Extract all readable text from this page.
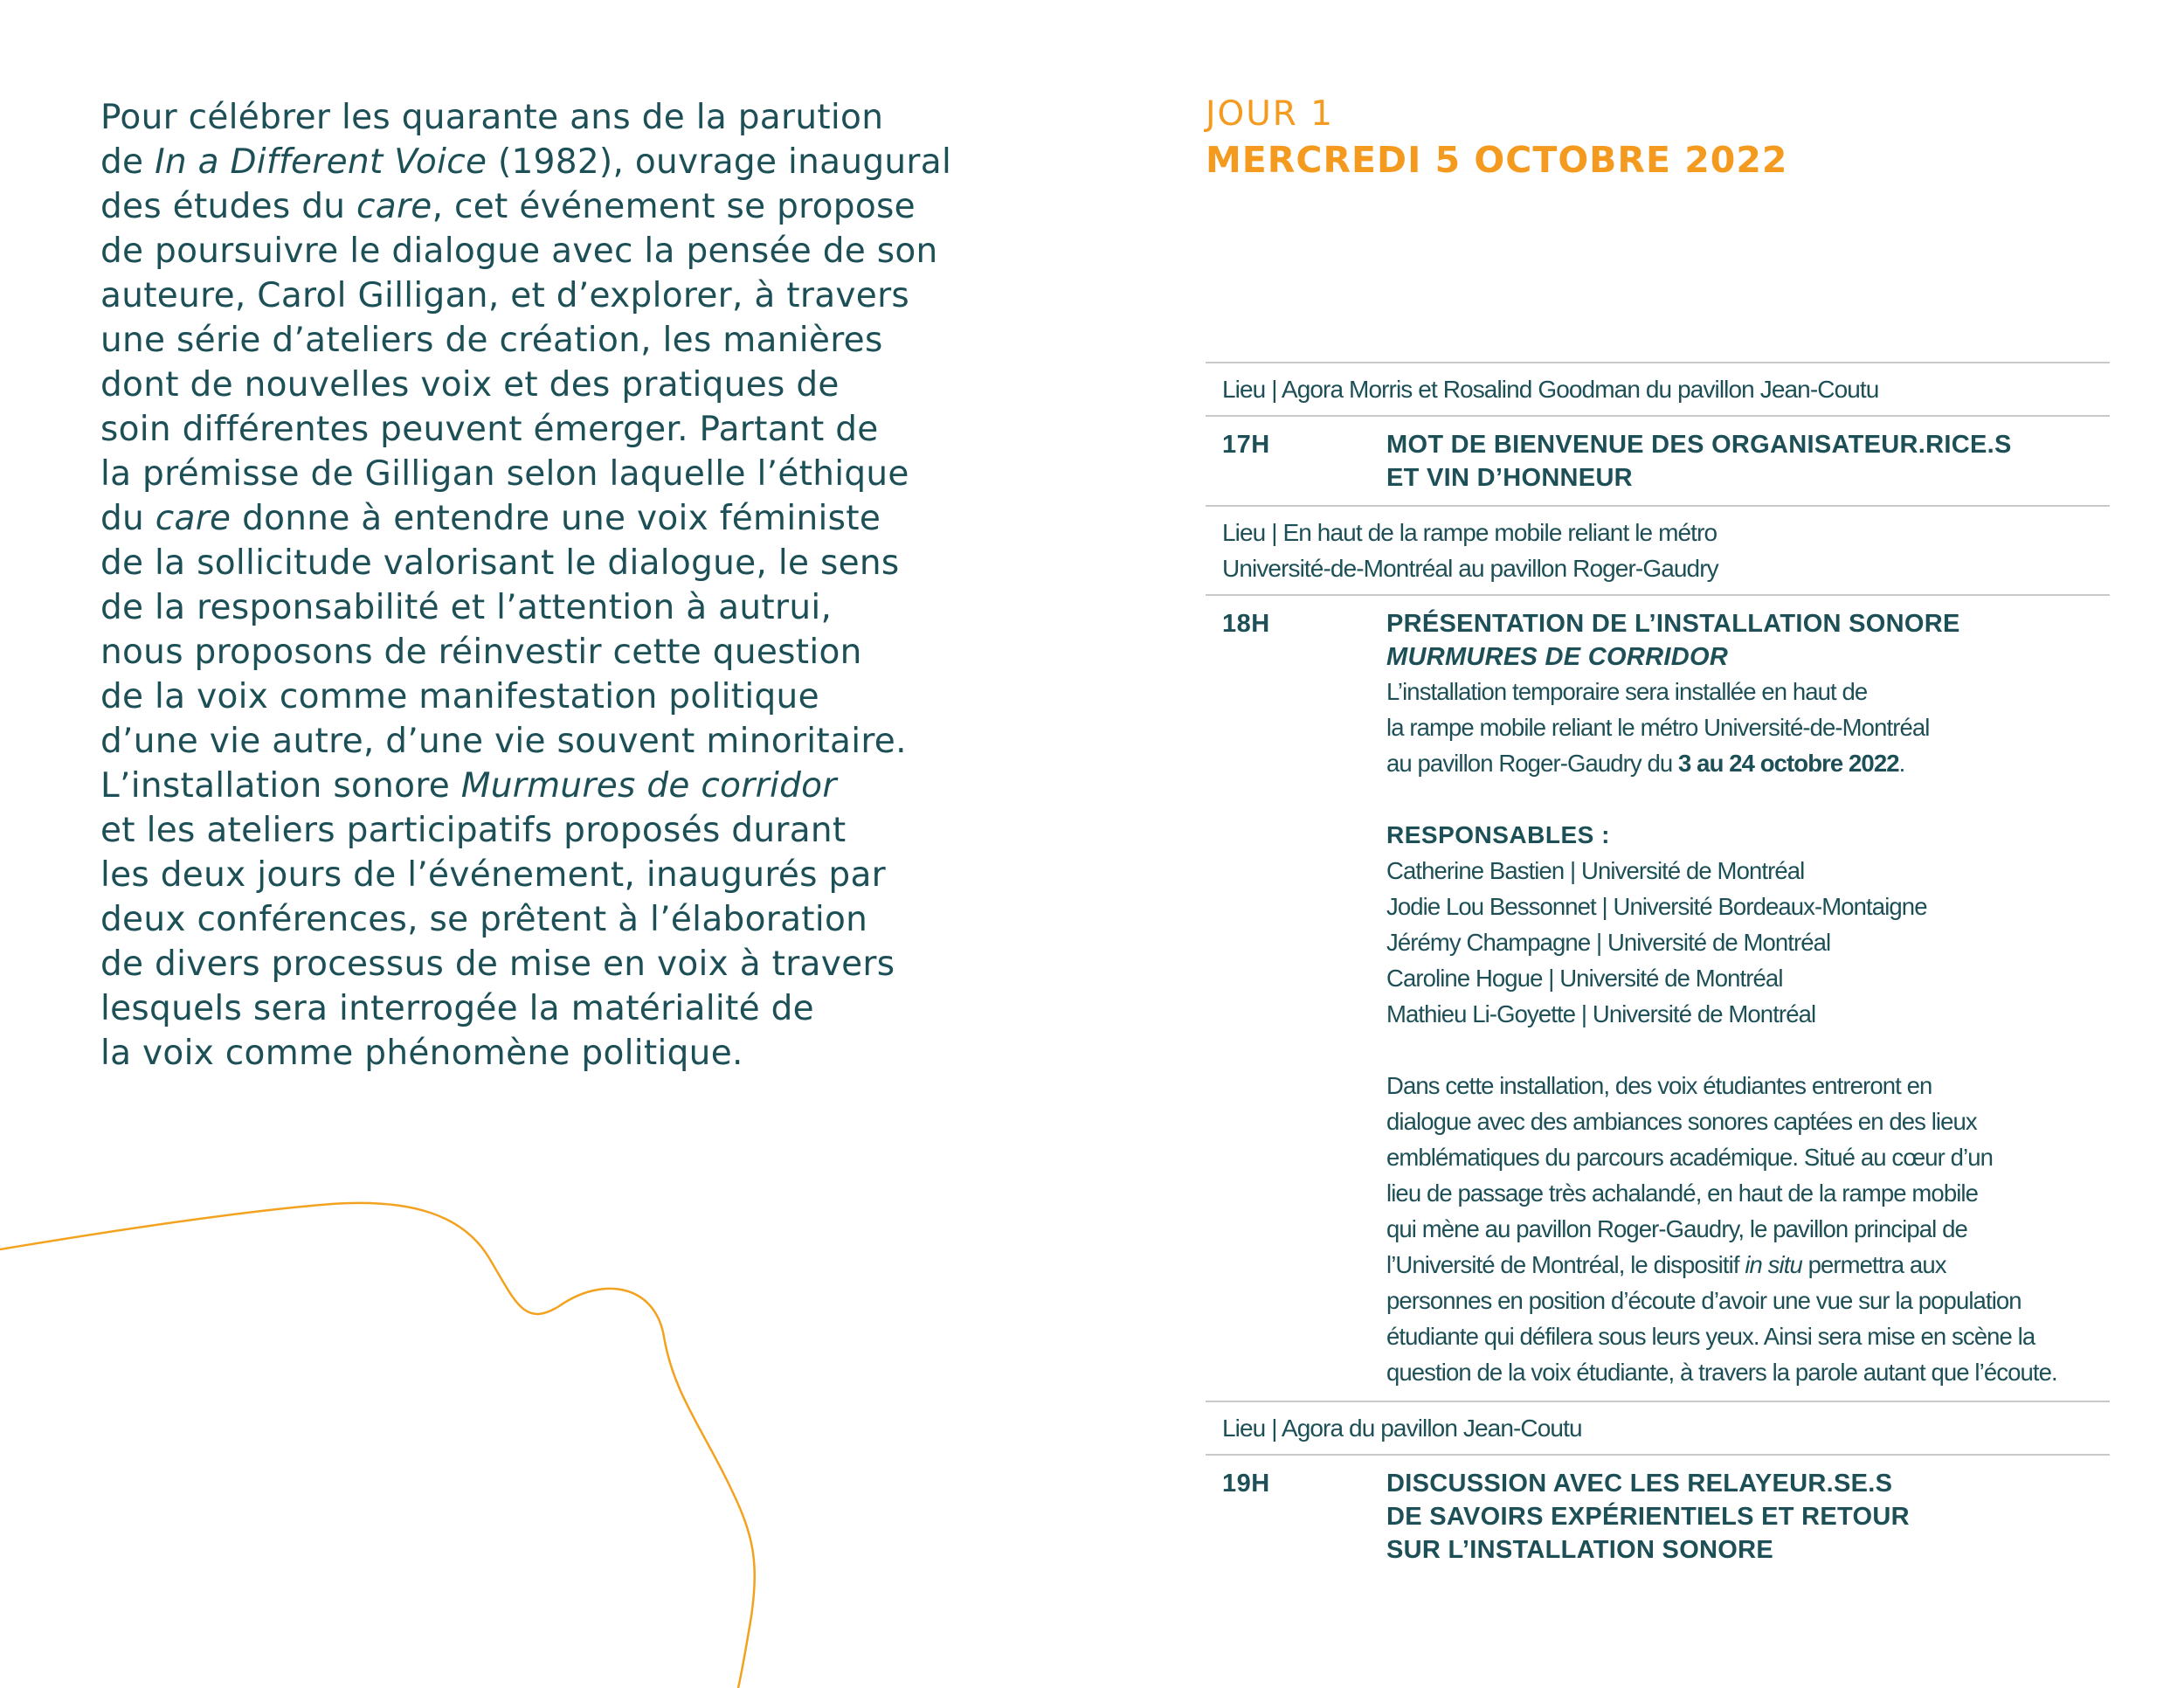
Pour célébrer les quarante ans de la parution
de In a Different Voice (1982), ouvrage inaugural
des études du care, cet événement se propose
de poursuivre le dialogue avec la pensée de son
auteure, Carol Gilligan, et d’explorer, à travers
une série d’ateliers de création, les manières
dont de nouvelles voix et des pratiques de
soin différentes peuvent émerger. Partant de
la prémisse de Gilligan selon laquelle l’éthique
du care donne à entendre une voix féministe
de la sollicitude valorisant le dialogue, le sens
de la responsabilité et l’attention à autrui,
nous proposons de réinvestir cette question
de la voix comme manifestation politique
d’une vie autre, d’une vie souvent minoritaire.
L’installation sonore Murmures de corridor
et les ateliers participatifs proposés durant
les deux jours de l’événement, inaugurés par
deux conférences, se prêtent à l’élaboration
de divers processus de mise en voix à travers
lesquels sera interrogée la matérialité de
la voix comme phénomène politique.
JOUR 1
MERCREDI 5 OCTOBRE 2022
Lieu | Agora Morris et Rosalind Goodman du pavillon Jean-Coutu
17H	MOT DE BIENVENUE DES ORGANISATEUR.RICE.S
ET VIN D’HONNEUR
Lieu | En haut de la rampe mobile reliant le métro
Université-de-Montréal au pavillon Roger-Gaudry
18H	PRÉSENTATION DE L’INSTALLATION SONORE
MURMURES DE CORRIDOR
L’installation temporaire sera installée en haut de
la rampe mobile reliant le métro Université-de-Montréal
au pavillon Roger-Gaudry du 3 au 24 octobre 2022.
RESPONSABLES :
Catherine Bastien | Université de Montréal
Jodie Lou Bessonnet | Université Bordeaux-Montaigne
Jérémy Champagne | Université de Montréal
Caroline Hogue | Université de Montréal
Mathieu Li-Goyette | Université de Montréal
Dans cette installation, des voix étudiantes entreront en
dialogue avec des ambiances sonores captées en des lieux
emblématiques du parcours académique. Situé au cœur d’un
lieu de passage très achalandé, en haut de la rampe mobile
qui mène au pavillon Roger-Gaudry, le pavillon principal de
l’Université de Montréal, le dispositif in situ permettra aux
personnes en position d’écoute d’avoir une vue sur la population
étudiante qui défilera sous leurs yeux. Ainsi sera mise en scène la
question de la voix étudiante, à travers la parole autant que l’écoute.
Lieu | Agora du pavillon Jean-Coutu
19H	DISCUSSION AVEC LES RELAYEUR.SE.S
DE SAVOIRS EXPÉRIENTIELS ET RETOUR
SUR L’INSTALLATION SONORE
